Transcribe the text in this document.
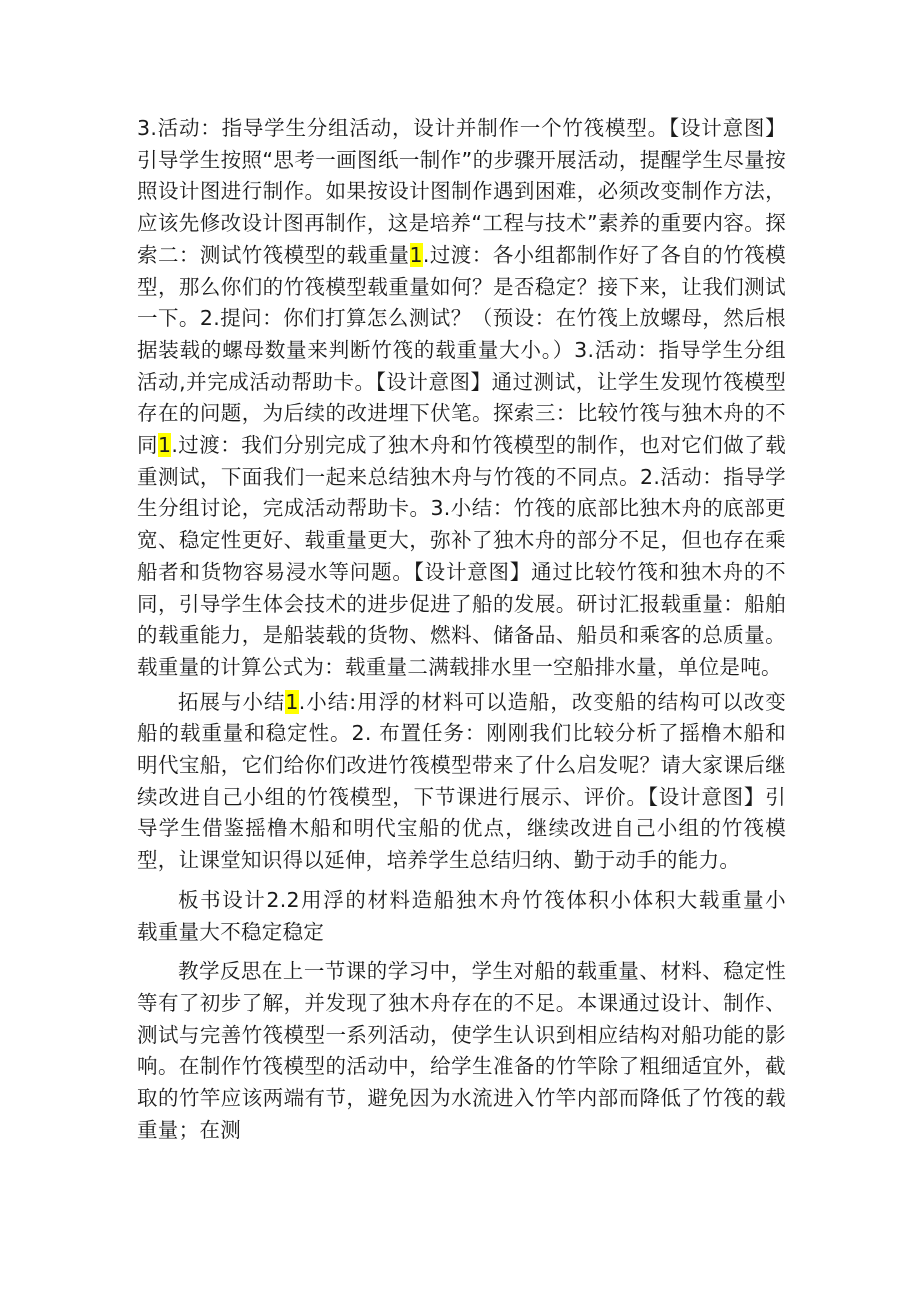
3.活动：指导学生分组活动，设计并制作一个竹筏模型。【设计意图】引导学生按照“思考一画图纸一制作”的步骤开展活动，提醒学生尽量按照设计图进行制作。如果按设计图制作遇到困难，必须改变制作方法，应该先修改设计图再制作，这是培养“工程与技术”素养的重要内容。探索二：测试竹筏模型的载重量1.过渡：各小组都制作好了各自的竹筏模型，那么你们的竹筏模型载重量如何？是否稳定？接下来，让我们测试一下。2.提问：你们打算怎么测试？（预设：在竹筏上放螺母，然后根据装载的螺母数量来判断竹筏的载重量大小。）3.活动：指导学生分组活动,并完成活动帮助卡。【设计意图】通过测试，让学生发现竹筏模型存在的问题，为后续的改进埋下伏笔。探索三：比较竹筏与独木舟的不同1.过渡：我们分别完成了独木舟和竹筏模型的制作，也对它们做了载重测试，下面我们一起来总结独木舟与竹筏的不同点。2.活动：指导学生分组讨论，完成活动帮助卡。3.小结：竹筏的底部比独木舟的底部更宽、稳定性更好、载重量更大，弥补了独木舟的部分不足，但也存在乘船者和货物容易浸水等问题。【设计意图】通过比较竹筏和独木舟的不同，引导学生体会技术的进步促进了船的发展。研讨汇报载重量：船舶的载重能力，是船装载的货物、燃料、储备品、船员和乘客的总质量。载重量的计算公式为：载重量二满载排水里一空船排水量，单位是吨。

拓展与小结1.小结:用浮的材料可以造船，改变船的结构可以改变船的载重量和稳定性。2. 布置任务：刚刚我们比较分析了摇橹木船和明代宝船，它们给你们改进竹筏模型带来了什么启发呢？请大家课后继续改进自己小组的竹筏模型，下节课进行展示、评价。【设计意图】引导学生借鉴摇橹木船和明代宝船的优点，继续改进自己小组的竹筏模型，让课堂知识得以延伸，培养学生总结归纳、勤于动手的能力。

板书设计2.2用浮的材料造船独木舟竹筏体积小体积大载重量小　载重量大不稳定稳定

教学反思在上一节课的学习中，学生对船的载重量、材料、稳定性等有了初步了解，并发现了独木舟存在的不足。本课通过设计、制作、测试与完善竹筏模型一系列活动，使学生认识到相应结构对船功能的影响。在制作竹筏模型的活动中，给学生准备的竹竿除了粗细适宜外，截取的竹竿应该两端有节，避免因为水流进入竹竿内部而降低了竹筏的载重量；在测
